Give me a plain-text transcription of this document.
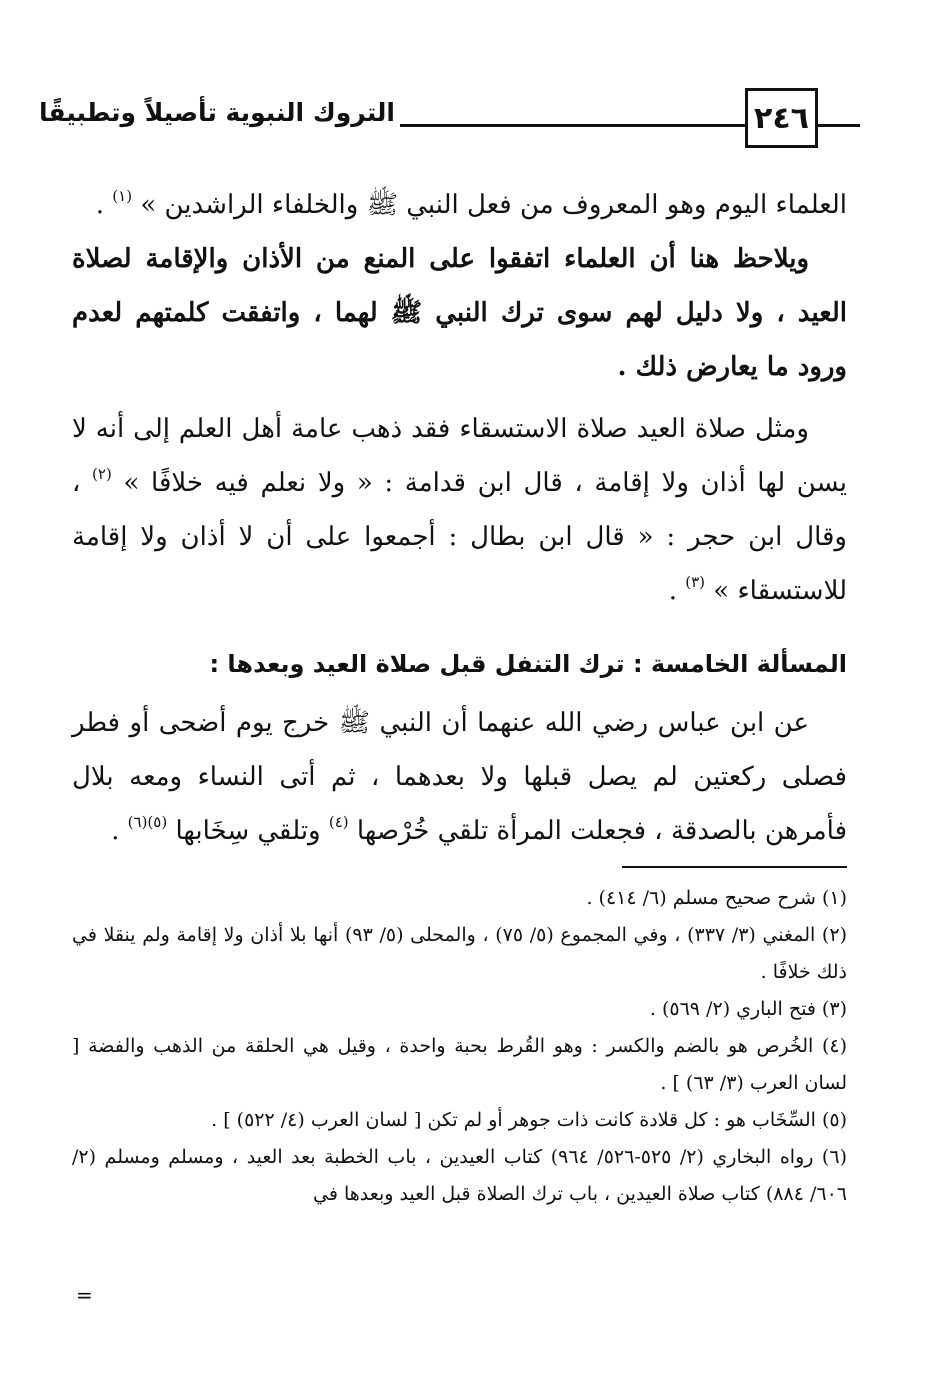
٢٤٦
التروك النبوية تأصيلاً وتطبيقًا

العلماء اليوم وهو المعروف من فعل النبي ﷺ والخلفاء الراشدين » $^{(١)}$ .

ويلاحظ هنا أن العلماء اتفقوا على المنع من الأذان والإقامة لصلاة العيد ، ولا دليل لهم سوى ترك النبي ﷺ لهما ، واتفقت كلمتهم لعدم ورود ما يعارض ذلك .

ومثل صلاة العيد صلاة الاستسقاء فقد ذهب عامة أهل العلم إلى أنه لا يسن لها أذان ولا إقامة ، قال ابن قدامة : « ولا نعلم فيه خلافًا » $^{(٢)}$ ، وقال ابن حجر : « قال ابن بطال : أجمعوا على أن لا أذان ولا إقامة للاستسقاء » $^{(٣)}$ .

المسألة الخامسة : ترك التنفل قبل صلاة العيد وبعدها :

عن ابن عباس رضي الله عنهما أن النبي ﷺ خرج يوم أضحى أو فطر فصلى ركعتين لم يصل قبلها ولا بعدهما ، ثم أتى النساء ومعه بلال فأمرهن بالصدقة ، فجعلت المرأة تلقي خُرْصها $^{(٤)}$ وتلقي سِخَابها $^{(٥)(٦)}$ .

(١) شرح صحيح مسلم (٦/ ٤١٤) .

(٢) المغني (٣/ ٣٣٧) ، وفي المجموع (٥/ ٧٥) ، والمحلى (٥/ ٩٣) أنها بلا أذان ولا إقامة ولم ينقلا في ذلك خلافًا .

(٣) فتح الباري (٢/ ٥٦٩) .

(٤) الخُرص هو بالضم والكسر : وهو القُرط بحبة واحدة ، وقيل هي الحلقة من الذهب والفضة [ لسان العرب (٣/ ٦٣) ] .

(٥) السِّخَاب هو : كل قلادة كانت ذات جوهر أو لم تكن [ لسان العرب (٤/ ٥٢٢) ] .

(٦) رواه البخاري (٢/ ٥٢٥-٥٢٦/ ٩٦٤) كتاب العيدين ، باب الخطبة بعد العيد ، ومسلم ومسلم (٢/ ٦٠٦/ ٨٨٤) كتاب صلاة العيدين ، باب ترك الصلاة قبل العيد وبعدها في

=
